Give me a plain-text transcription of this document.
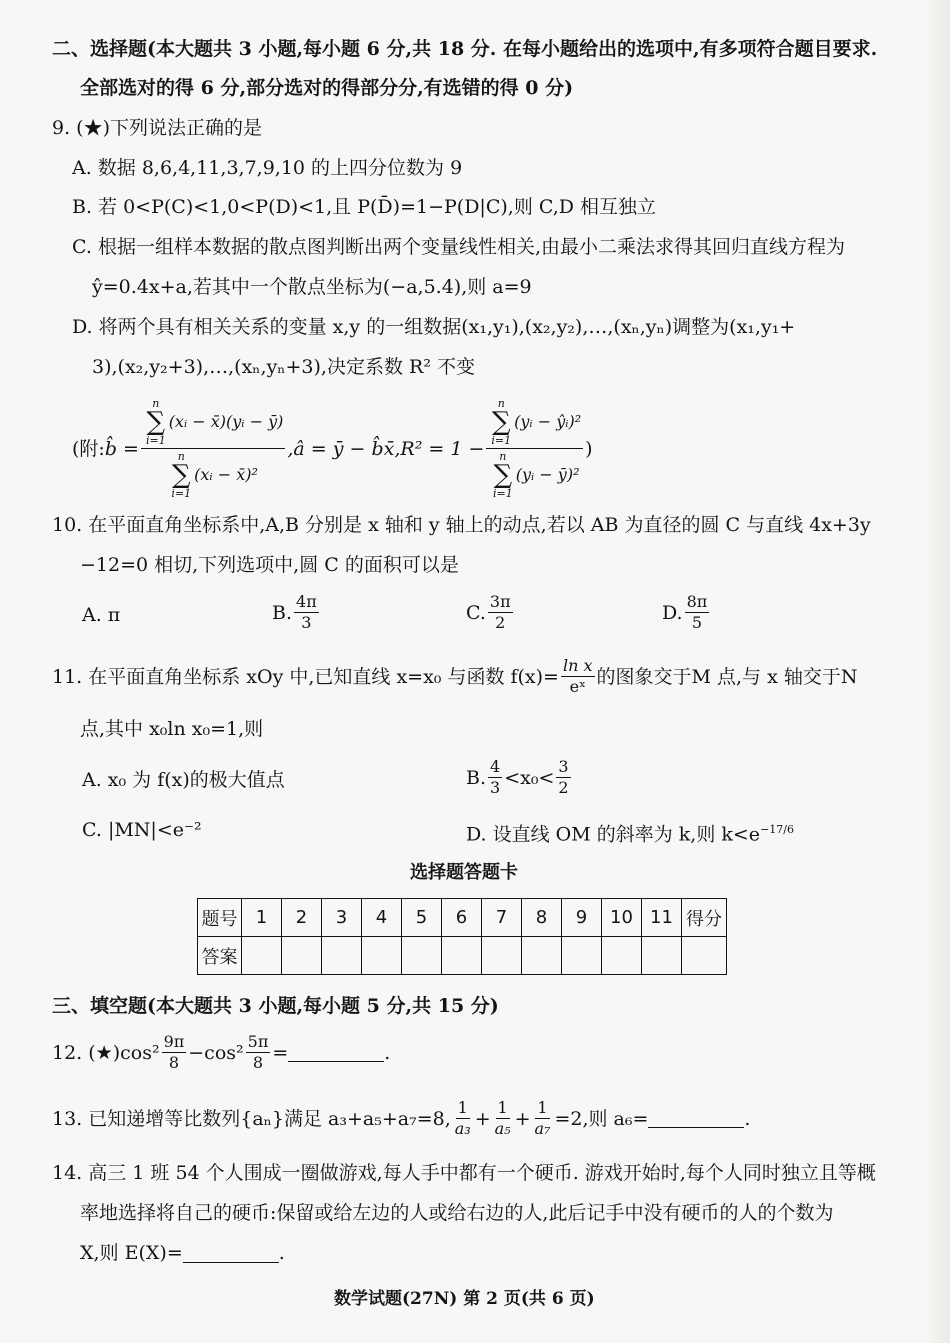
二、选择题(本大题共 3 小题,每小题 6 分,共 18 分. 在每小题给出的选项中,有多项符合题目要求.
全部选对的得 6 分,部分选对的得部分分,有选错的得 0 分)
9. (★)下列说法正确的是
A. 数据 8,6,4,11,3,7,9,10 的上四分位数为 9
B. 若 0<P(C)<1,0<P(D)<1,且 P(D̄)=1−P(D|C),则 C,D 相互独立
C. 根据一组样本数据的散点图判断出两个变量线性相关,由最小二乘法求得其回归直线方程为
ŷ=0.4x+a,若其中一个散点坐标为(−a,5.4),则 a=9
D. 将两个具有相关关系的变量 x,y 的一组数据(x₁,y₁),(x₂,y₂),…,(xₙ,yₙ)调整为(x₁,y₁+
3),(x₂,y₂+3),…,(xₙ,yₙ+3),决定系数 R² 不变
(附: b̂ =
n
∑
i=1
(xᵢ − x̄)(yᵢ − ȳ)
n
∑
i=1
(xᵢ − x̄)²
,â = ȳ − b̂x̄,R² = 1 − n
∑
i=1
(yᵢ − ŷᵢ)²
n
∑
i=1
(yᵢ − ȳ)² )
10. 在平面直角坐标系中,A,B 分别是 x 轴和 y 轴上的动点,若以 AB 为直径的圆 C 与直线 4x+3y
−12=0 相切,下列选项中,圆 C 的面积可以是
A. π	B. $\frac{4\pi}{3}$	C. $\frac{3\pi}{2}$	D. $\frac{8\pi}{5}$
11. 在平面直角坐标系 xOy 中,已知直线 x=x₀ 与函数 $f(x)= \frac{\text{ln x}}{\text{eˣ}}$ 的图象交于M 点,与 x 轴交于N
点,其中 x₀ln x₀=1,则
A. x₀ 为 f(x)的极大值点	B. $\frac{4}{3} <x_0< \frac{3}{2}$
C. |MN|<e⁻²	D. 设直线 OM 的斜率为 k,则 $k<e^{-17/6}$
选择题答题卡
题号	1	2	3	4	5	6	7	8	9	10	11	得分
答案												
三、填空题(本大题共 3 小题,每小题 5 分,共 15 分)
12. (★)cos² $\frac{9\pi}{8} -\cos^2 \frac{5\pi}{8}$ =	.
13. 已知递增等比数列{aₙ}满足 a₃+a₅+a₇=8, $\frac{1}{\text{a₃}} + \frac{1}{\text{a₅}} + \frac{1}{\text{a₇}} =2$,则 a₆=	.
14. 高三 1 班 54 个人围成一圈做游戏,每人手中都有一个硬币. 游戏开始时,每个人同时独立且等概
率地选择将自己的硬币:保留或给左边的人或给右边的人,此后记手中没有硬币的人的个数为
X,则 E(X)=	.
数学试题(27N) 第 2 页(共 6 页)
